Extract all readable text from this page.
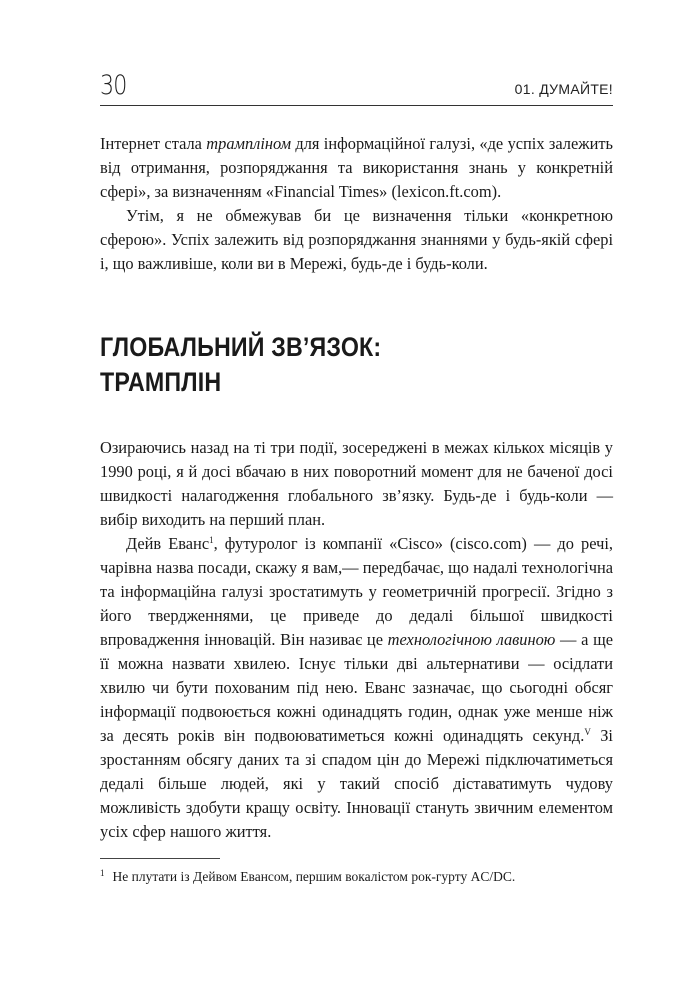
30	01. ДУМАЙТЕ!

Інтернет стала трампліном для інформаційної галузі, «де успіх залежить від отримання, розпоряджання та використання знань у конкретній сфері», за визначенням «Financial Times» (lexicon.ft.com).

Утім, я не обмежував би це визначення тільки «конкретною сферою». Успіх залежить від розпоряджання знаннями у будь-якій сфері і, що важливіше, коли ви в Мережі, будь-де і будь-коли.

ГЛОБАЛЬНИЙ ЗВ’ЯЗОК:
ТРАМПЛІН

Озираючись назад на ті три події, зосереджені в межах кількох місяців у 1990 році, я й досі вбачаю в них поворотний момент для не баченої досі швидкості налагодження глобального зв’язку. Будь-де і будь-коли — вибір виходить на перший план.

Дейв Еванс$^1$, футуролог із компанії «Cisco» (cisco.com) — до речі, чарівна назва посади, скажу я вам,— передбачає, що надалі технологічна та інформаційна галузі зростатимуть у геометричній прогресії. Згідно з його твердженнями, це приведе до дедалі більшої швидкості впровадження інновацій. Він називає це технологічною лавиною — а ще її можна назвати хвилею. Існує тільки дві альтернативи — осідлати хвилю чи бути похованим під нею. Еванс зазначає, що сьогодні обсяг інформації подвоюється кожні одинадцять годин, однак уже менше ніж за десять років він подвоюватиметься кожні одинадцять секунд.$^V$ Зі зростанням обсягу даних та зі спадом цін до Мережі підключатиметься дедалі більше людей, які у такий спосіб діставатимуть чудову можливість здобути кращу освіту. Інновації стануть звичним елементом усіх сфер нашого життя.

$^1$ Не плутати із Дейвом Евансом, першим вокалістом рок-гурту AC/DC.
